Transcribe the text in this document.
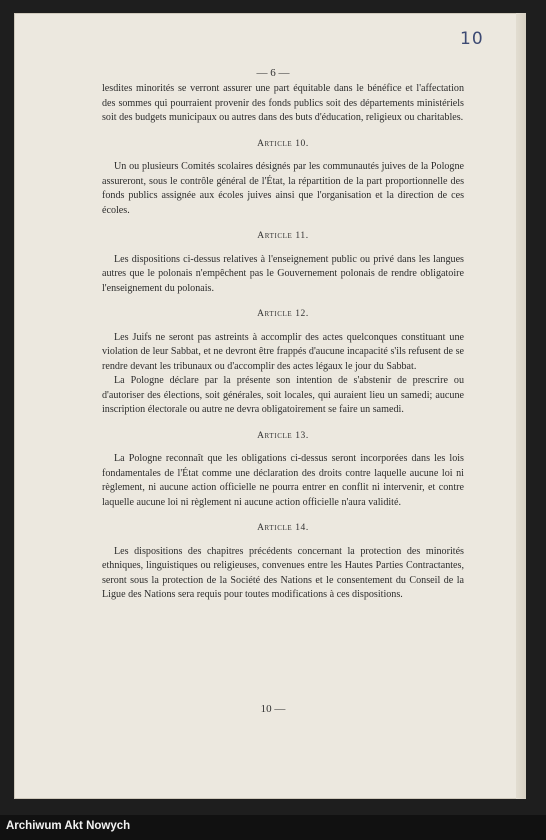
10
— 6 —

lesdites minorités se verront assurer une part équitable dans le bénéfice et l'affectation des sommes qui pourraient provenir des fonds publics soit des départements ministériels soit des budgets municipaux ou autres dans des buts d'éducation, religieux ou charitables.

Article 10.

Un ou plusieurs Comités scolaires désignés par les communautés juives de la Pologne assureront, sous le contrôle général de l'État, la répartition de la part proportionnelle des fonds publics assignée aux écoles juives ainsi que l'organisation et la direction de ces écoles.

Article 11.

Les dispositions ci-dessus relatives à l'enseignement public ou privé dans les langues autres que le polonais n'empêchent pas le Gouvernement polonais de rendre obligatoire l'enseignement du polonais.

Article 12.

Les Juifs ne seront pas astreints à accomplir des actes quelconques constituant une violation de leur Sabbat, et ne devront être frappés d'aucune incapacité s'ils refusent de se rendre devant les tribunaux ou d'accomplir des actes légaux le jour du Sabbat.

La Pologne déclare par la présente son intention de s'abstenir de prescrire ou d'autoriser des élections, soit générales, soit locales, qui auraient lieu un samedi; aucune inscription électorale ou autre ne devra obligatoirement se faire un samedi.

Article 13.

La Pologne reconnaît que les obligations ci-dessus seront incorporées dans les lois fondamentales de l'État comme une déclaration des droits contre laquelle aucune loi ni règlement, ni aucune action officielle ne pourra entrer en conflit ni intervenir, et contre laquelle aucune loi ni règlement ni aucune action officielle n'aura validité.

Article 14.

Les dispositions des chapitres précédents concernant la protection des minorités ethniques, linguistiques ou religieuses, convenues entre les Hautes Parties Contractantes, seront sous la protection de la Société des Nations et le consentement du Conseil de la Ligue des Nations sera requis pour toutes modifications à ces dispositions.

10 —
Archiwum Akt Nowych
